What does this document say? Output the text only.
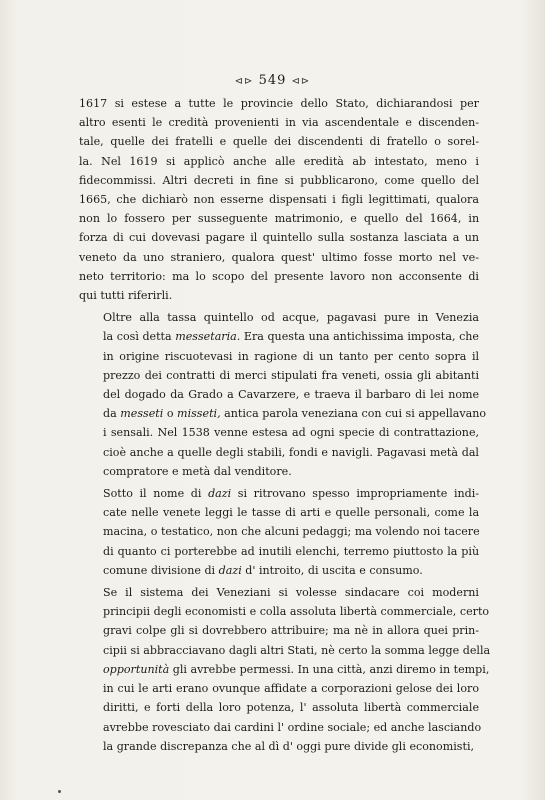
⊲⊳ 549 ⊲⊳

1617 si estese a tutte le provincie dello Stato, dichiarandosi per
altro esenti le credità provenienti in via ascendentale e discenden-
tale, quelle dei fratelli e quelle dei discendenti di fratello o sorel-
la. Nel 1619 si applicò anche alle eredità ab intestato, meno i
fidecommissi. Altri decreti in fine si pubblicarono, come quello del
1665, che dichiarò non esserne dispensati i figli legittimati, qualora
non lo fossero per susseguente matrimonio, e quello del 1664, in
forza di cui dovevasi pagare il quintello sulla sostanza lasciata a un
veneto da uno straniero, qualora quest' ultimo fosse morto nel ve-
neto territorio: ma lo scopo del presente lavoro non acconsente di
qui tutti riferirli.

Oltre alla tassa quintello od acque, pagavasi pure in Venezia
la così detta messetaria. Era questa una antichissima imposta, che
in origine riscuotevasi in ragione di un tanto per cento sopra il
prezzo dei contratti di merci stipulati fra veneti, ossia gli abitanti
del dogado da Grado a Cavarzere, e traeva il barbaro di lei nome
da messeti o misseti, antica parola veneziana con cui si appellavano
i sensali. Nel 1538 venne estesa ad ogni specie di contrattazione,
cioè anche a quelle degli stabili, fondi e navigli. Pagavasi metà dal
compratore e metà dal venditore.

Sotto il nome di dazi si ritrovano spesso impropriamente indi-
cate nelle venete leggi le tasse di arti e quelle personali, come la
macina, o testatico, non che alcuni pedaggi; ma volendo noi tacere
di quanto ci porterebbe ad inutili elenchi, terremo piuttosto la più
comune divisione di dazi d' introito, di uscita e consumo.

Se il sistema dei Veneziani si volesse sindacare coi moderni
principii degli economisti e colla assoluta libertà commerciale, certo
gravi colpe gli si dovrebbero attribuire; ma nè in allora quei prin-
cipii si abbracciavano dagli altri Stati, nè certo la somma legge della
opportunità gli avrebbe permessi. In una città, anzi diremo in tempi,
in cui le arti erano ovunque affidate a corporazioni gelose dei loro
diritti, e forti della loro potenza, l' assoluta libertà commerciale
avrebbe rovesciato dai cardini l' ordine sociale; ed anche lasciando
la grande discrepanza che al dì d' oggi pure divide gli economisti,
